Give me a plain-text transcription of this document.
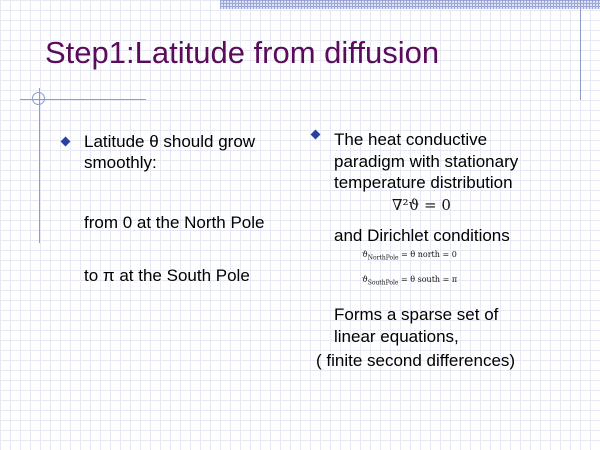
Step1:Latitude from diffusion
Latitude θ should grow
smoothly:
from 0 at the North Pole
to π at the South Pole
The heat conductive
paradigm with stationary
temperature distribution
∇²ϑ = 0
and Dirichlet conditions
$ϑ_{NorthPole} = \theta$ north = 0
$ϑ_{SouthPole} = \theta$ south = π
Forms a sparse set of
linear equations,
( finite second differences)
